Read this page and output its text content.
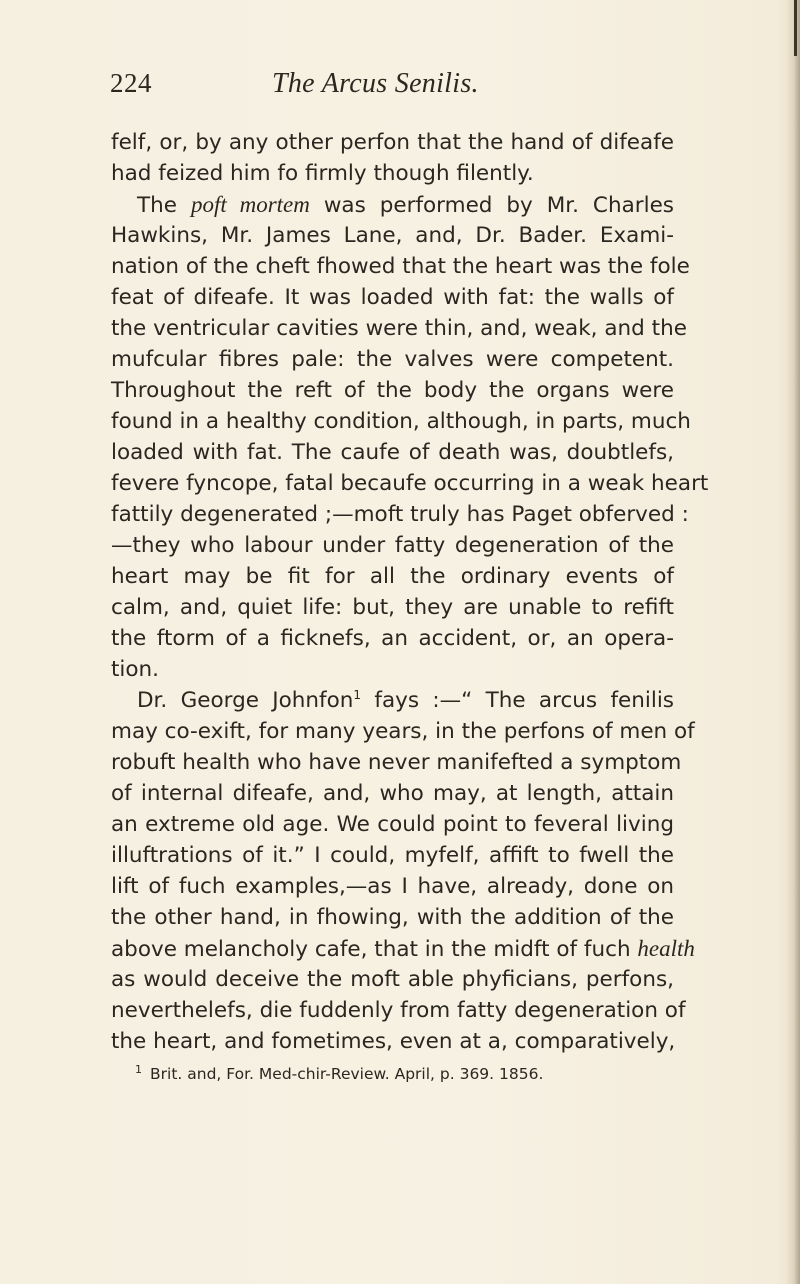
224	The Arcus Senilis.
felf, or, by any other perfon that the hand of difeafe
had feized him fo firmly though filently.
The poft mortem was performed by Mr. Charles
Hawkins, Mr. James Lane, and, Dr. Bader. Exami-
nation of the cheft fhowed that the heart was the fole
feat of difeafe. It was loaded with fat: the walls of
the ventricular cavities were thin, and, weak, and the
mufcular fibres pale: the valves were competent.
Throughout the reft of the body the organs were
found in a healthy condition, although, in parts, much
loaded with fat. The caufe of death was, doubtlefs,
fevere fyncope, fatal becaufe occurring in a weak heart
fattily degenerated ;—moft truly has Paget obferved :
—they who labour under fatty degeneration of the
heart may be fit for all the ordinary events of
calm, and, quiet life: but, they are unable to refift
the ftorm of a ficknefs, an accident, or, an opera-
tion.
Dr. George Johnfon$^1$ fays :—“ The arcus fenilis
may co-exift, for many years, in the perfons of men of
robuft health who have never manifefted a symptom
of internal difeafe, and, who may, at length, attain
an extreme old age. We could point to feveral living
illuftrations of it.” I could, myfelf, affift to fwell the
lift of fuch examples,—as I have, already, done on
the other hand, in fhowing, with the addition of the
above melancholy cafe, that in the midft of fuch health
as would deceive the moft able phyficians, perfons,
neverthelefs, die fuddenly from fatty degeneration of
the heart, and fometimes, even at a, comparatively,
$^1$ Brit. and, For. Med-chir-Review. April, p. 369. 1856.
